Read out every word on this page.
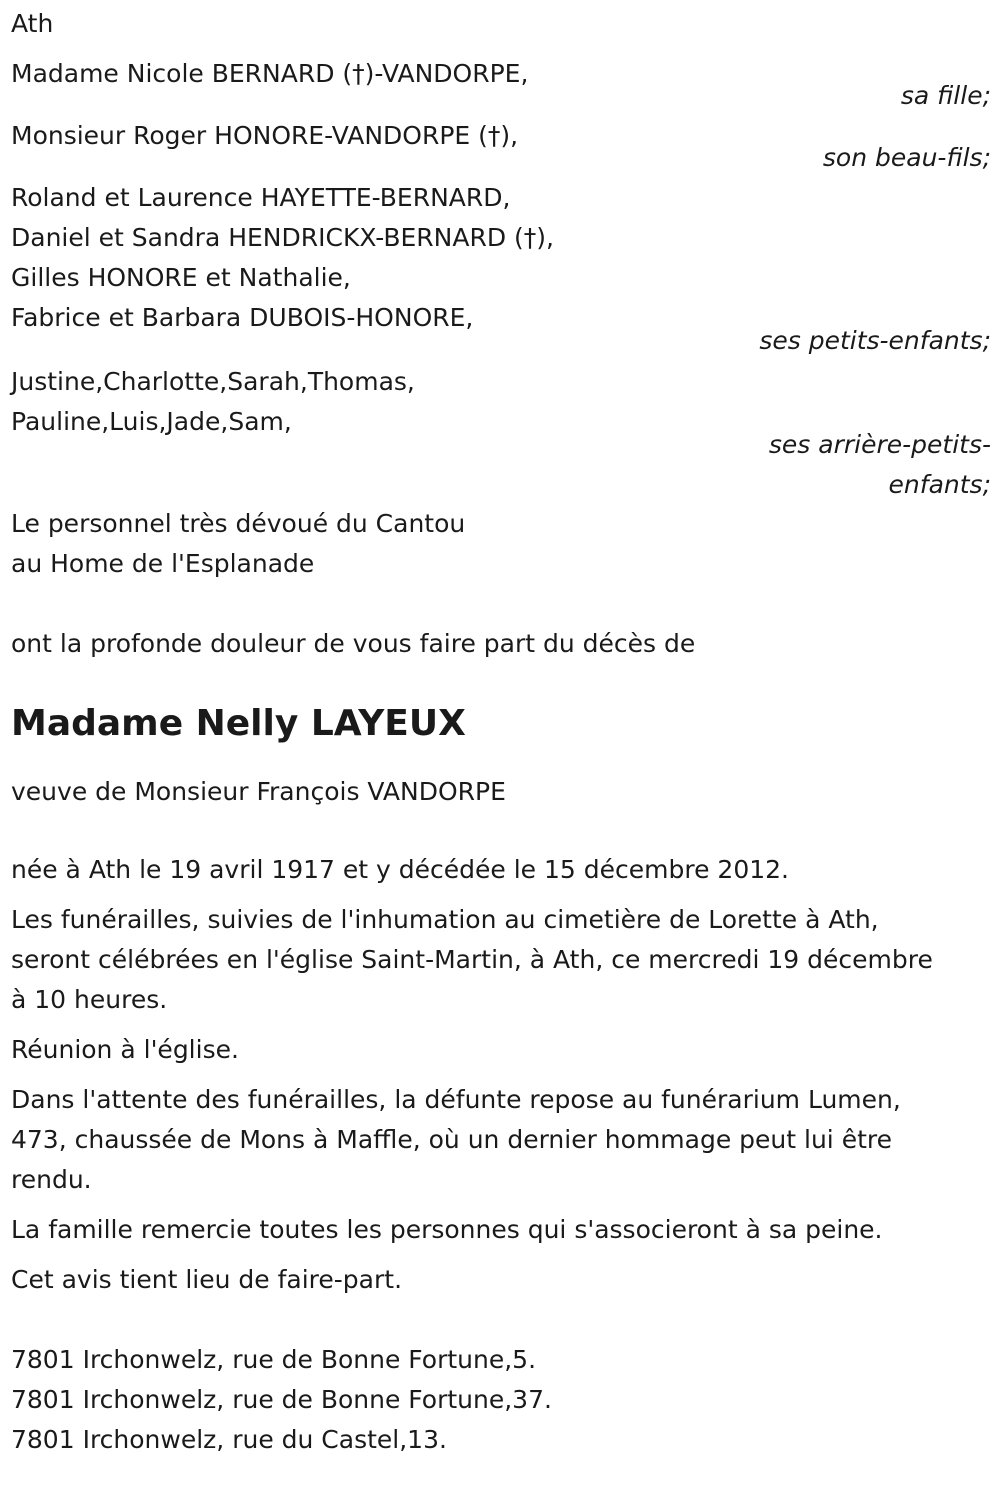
Ath
Madame Nicole BERNARD (†)-VANDORPE,
sa fille;
Monsieur Roger HONORE-VANDORPE (†),
son beau-fils;
Roland et Laurence HAYETTE-BERNARD,
Daniel et Sandra HENDRICKX-BERNARD (†),
Gilles HONORE et Nathalie,
Fabrice et Barbara DUBOIS-HONORE,
ses petits-enfants;
Justine,Charlotte,Sarah,Thomas,
Pauline,Luis,Jade,Sam,
ses arrière-petits-
enfants;
Le personnel très dévoué du Cantou
au Home de l'Esplanade
ont la profonde douleur de vous faire part du décès de
Madame Nelly LAYEUX
veuve de Monsieur François VANDORPE
née à Ath le 19 avril 1917 et y décédée le 15 décembre 2012.
Les funérailles, suivies de l'inhumation au cimetière de Lorette à Ath,
seront célébrées en l'église Saint-Martin, à Ath, ce mercredi 19 décembre
à 10 heures.
Réunion à l'église.
Dans l'attente des funérailles, la défunte repose au funérarium Lumen,
473, chaussée de Mons à Maffle, où un dernier hommage peut lui être
rendu.
La famille remercie toutes les personnes qui s'associeront à sa peine.
Cet avis tient lieu de faire-part.
7801 Irchonwelz, rue de Bonne Fortune,5.
7801 Irchonwelz, rue de Bonne Fortune,37.
7801 Irchonwelz, rue du Castel,13.
